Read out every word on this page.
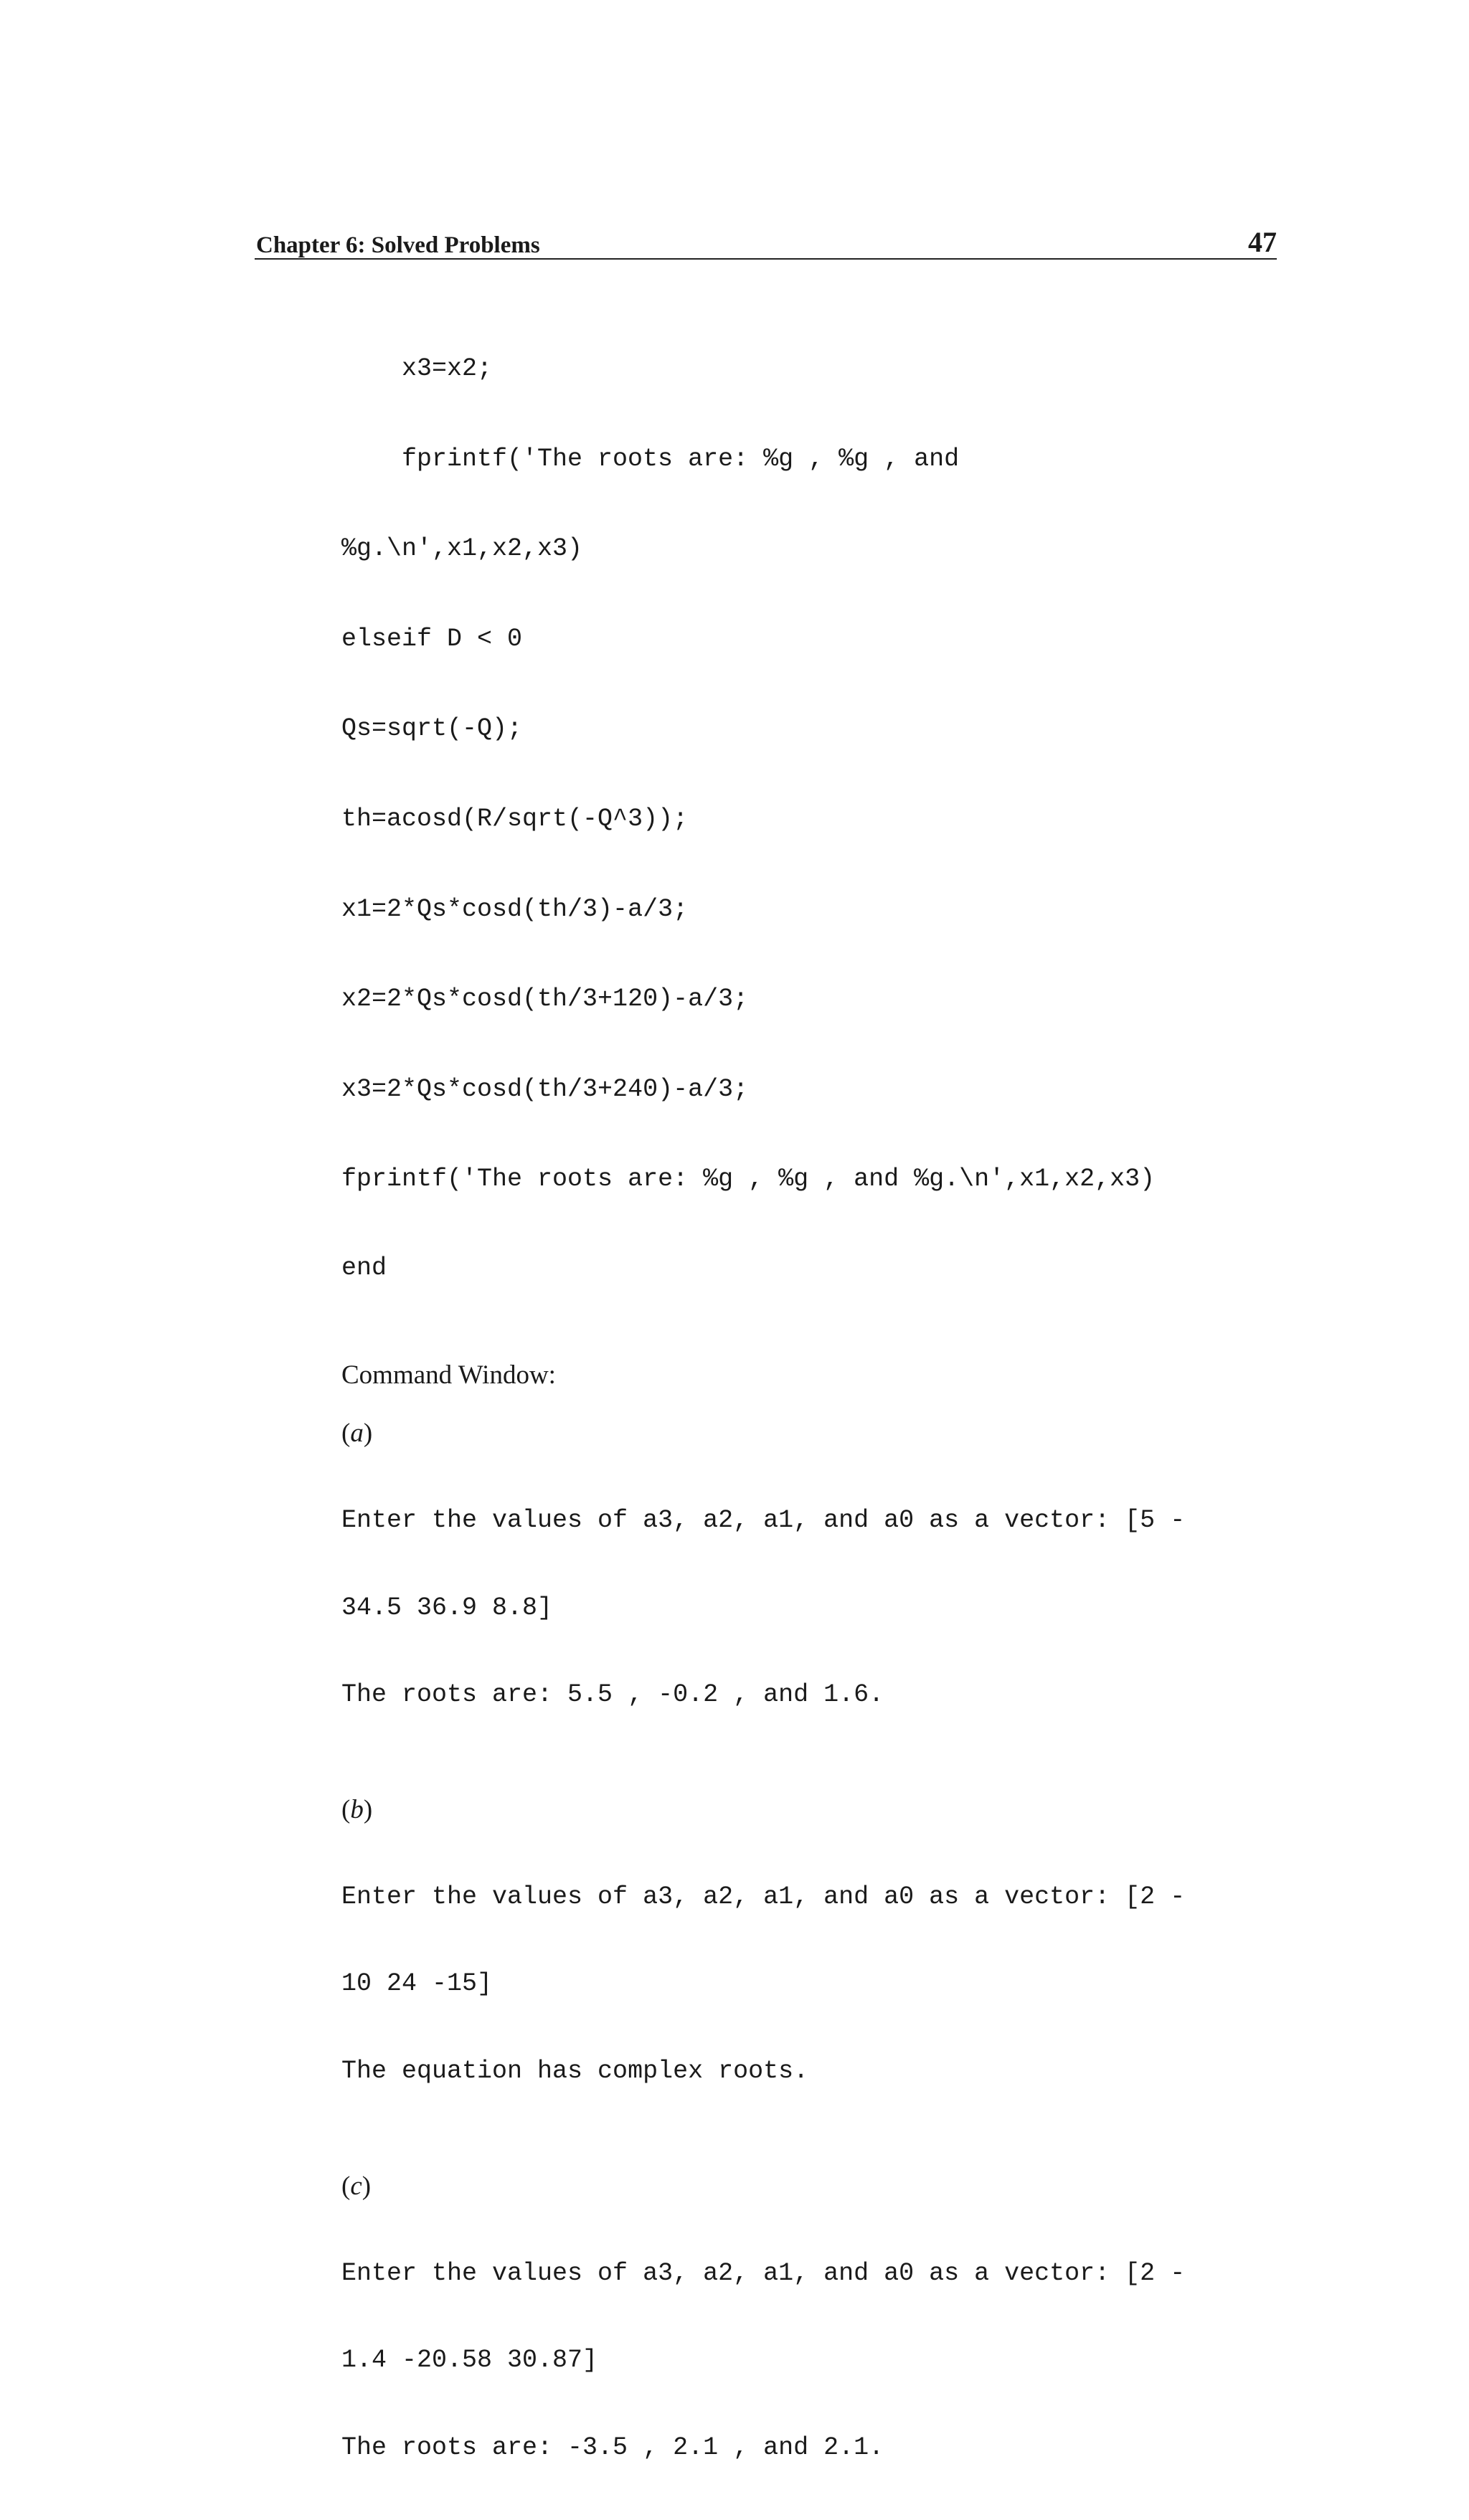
Chapter 6: Solved Problems	47

x3=x2;

fprintf('The roots are: %g , %g , and

%g.\n',x1,x2,x3)

elseif D < 0

Qs=sqrt(-Q);

th=acosd(R/sqrt(-Q^3));

x1=2*Qs*cosd(th/3)-a/3;

x2=2*Qs*cosd(th/3+120)-a/3;

x3=2*Qs*cosd(th/3+240)-a/3;

fprintf('The roots are: %g , %g , and %g.\n',x1,x2,x3)

end

Command Window:
(a)

Enter the values of a3, a2, a1, and a0 as a vector: [5 -

34.5 36.9 8.8]

The roots are: 5.5 , -0.2 , and 1.6.

(b)

Enter the values of a3, a2, a1, and a0 as a vector: [2 -

10 24 -15]

The equation has complex roots.

(c)

Enter the values of a3, a2, a1, and a0 as a vector: [2 -

1.4 -20.58 30.87]

The roots are: -3.5 , 2.1 , and 2.1.
